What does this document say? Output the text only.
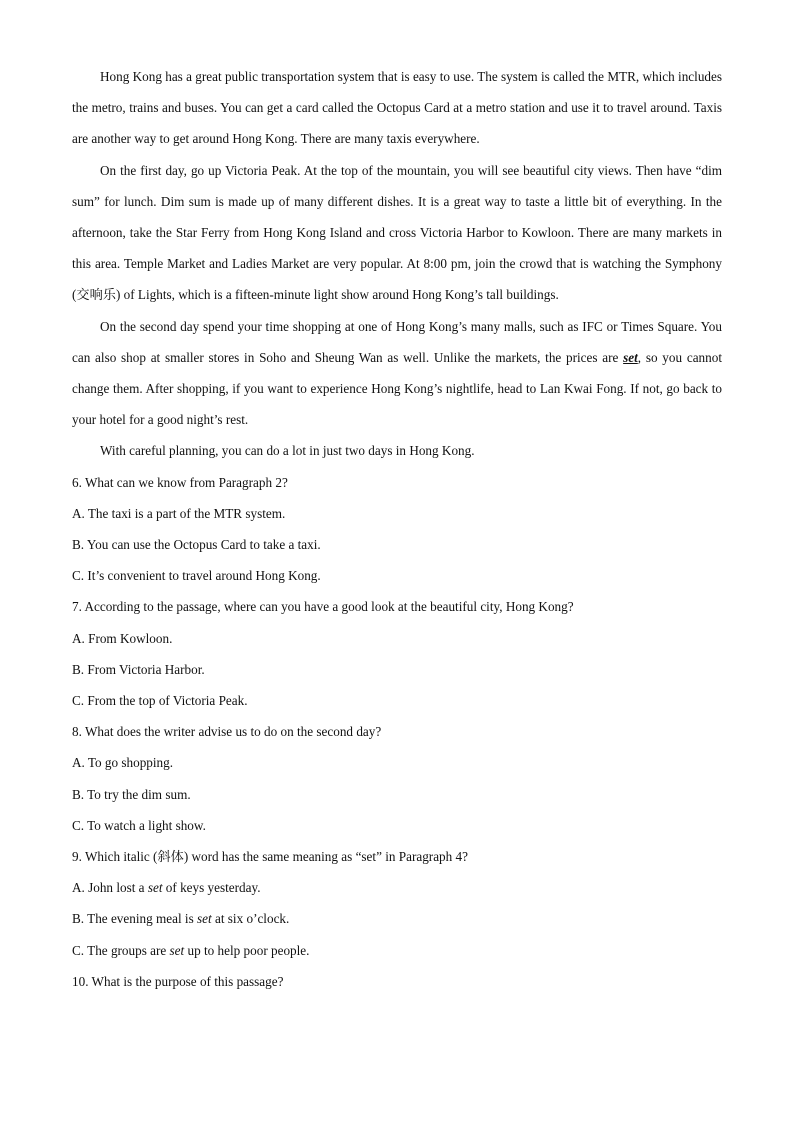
Hong Kong has a great public transportation system that is easy to use. The system is called the MTR, which includes the metro, trains and buses. You can get a card called the Octopus Card at a metro station and use it to travel around. Taxis are another way to get around Hong Kong. There are many taxis everywhere.

On the first day, go up Victoria Peak. At the top of the mountain, you will see beautiful city views. Then have “dim sum” for lunch. Dim sum is made up of many different dishes. It is a great way to taste a little bit of everything. In the afternoon, take the Star Ferry from Hong Kong Island and cross Victoria Harbor to Kowloon. There are many markets in this area. Temple Market and Ladies Market are very popular. At 8:00 pm, join the crowd that is watching the Symphony (交响乐) of Lights, which is a fifteen-minute light show around Hong Kong’s tall buildings.

On the second day spend your time shopping at one of Hong Kong’s many malls, such as IFC or Times Square. You can also shop at smaller stores in Soho and Sheung Wan as well. Unlike the markets, the prices are set, so you cannot change them. After shopping, if you want to experience Hong Kong’s nightlife, head to Lan Kwai Fong. If not, go back to your hotel for a good night’s rest.

With careful planning, you can do a lot in just two days in Hong Kong.

6. What can we know from Paragraph 2?

A. The taxi is a part of the MTR system.

B. You can use the Octopus Card to take a taxi.

C. It’s convenient to travel around Hong Kong.

7. According to the passage, where can you have a good look at the beautiful city, Hong Kong?

A. From Kowloon.

B. From Victoria Harbor.

C. From the top of Victoria Peak.

8. What does the writer advise us to do on the second day?

A. To go shopping.

B. To try the dim sum.

C. To watch a light show.

9. Which italic (斜体) word has the same meaning as “set” in Paragraph 4?

A. John lost a set of keys yesterday.

B. The evening meal is set at six o’clock.

C. The groups are set up to help poor people.

10. What is the purpose of this passage?
